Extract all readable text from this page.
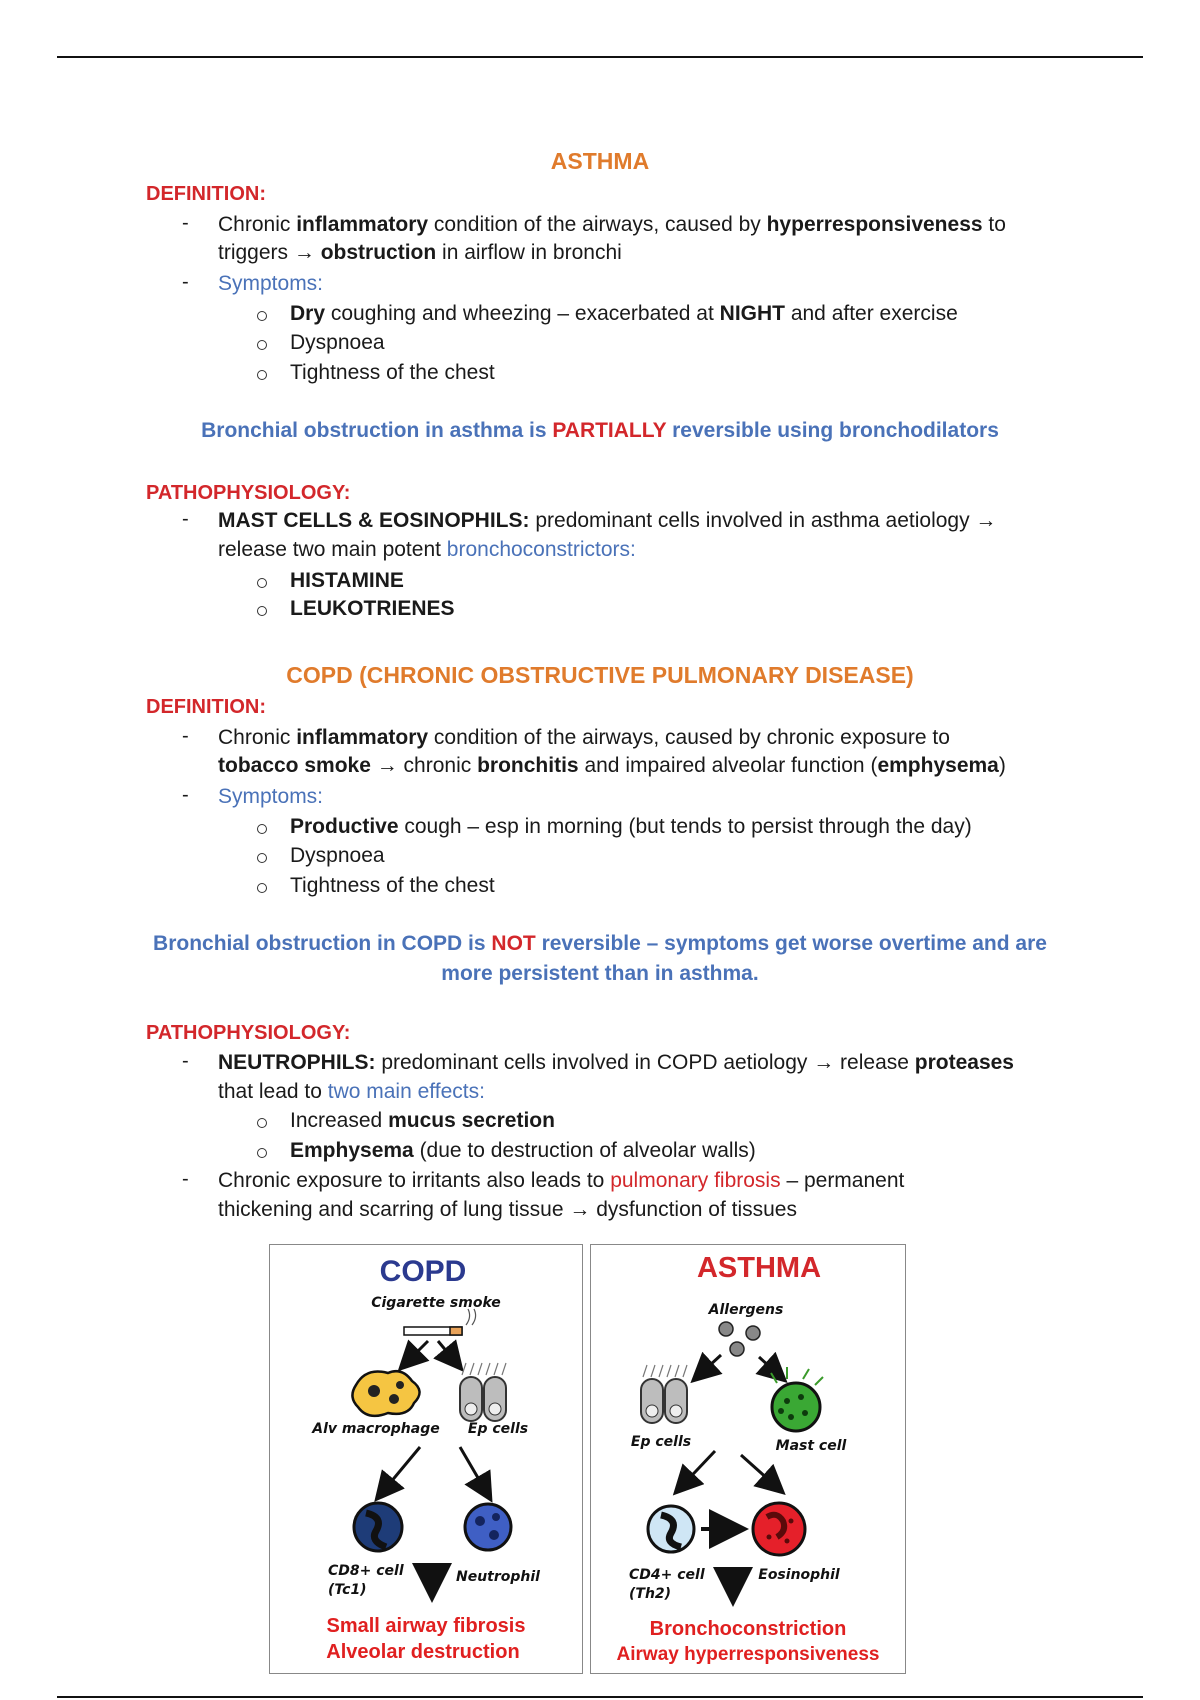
ASTHMA
DEFINITION:
- Chronic inflammatory condition of the airways, caused by hyperresponsiveness to
triggers → obstruction in airflow in bronchi
- Symptoms:
Dry coughing and wheezing – exacerbated at NIGHT and after exercise
Dyspnoea
Tightness of the chest
Bronchial obstruction in asthma is PARTIALLY reversible using bronchodilators
PATHOPHYSIOLOGY:
- MAST CELLS & EOSINOPHILS: predominant cells involved in asthma aetiology →
release two main potent bronchoconstrictors:
HISTAMINE
LEUKOTRIENES
COPD (CHRONIC OBSTRUCTIVE PULMONARY DISEASE)
DEFINITION:
- Chronic inflammatory condition of the airways, caused by chronic exposure to
tobacco smoke → chronic bronchitis and impaired alveolar function (emphysema)
- Symptoms:
Productive cough – esp in morning (but tends to persist through the day)
Dyspnoea
Tightness of the chest
Bronchial obstruction in COPD is NOT reversible – symptoms get worse overtime and are
more persistent than in asthma.
PATHOPHYSIOLOGY:
- NEUTROPHILS: predominant cells involved in COPD aetiology → release proteases
that lead to two main effects:
Increased mucus secretion
Emphysema (due to destruction of alveolar walls)
- Chronic exposure to irritants also leads to pulmonary fibrosis – permanent
thickening and scarring of lung tissue → dysfunction of tissues
COPD
Cigarette smoke
Alv macrophage Ep cells
CD8+ cell
(Tc1)
Neutrophil
Small airway fibrosis
Alveolar destruction
ASTHMA
Allergens
Ep cells	Mast cell
CD4+ cell
(Th2)
Eosinophil
Bronchoconstriction
Airway hyperresponsiveness
